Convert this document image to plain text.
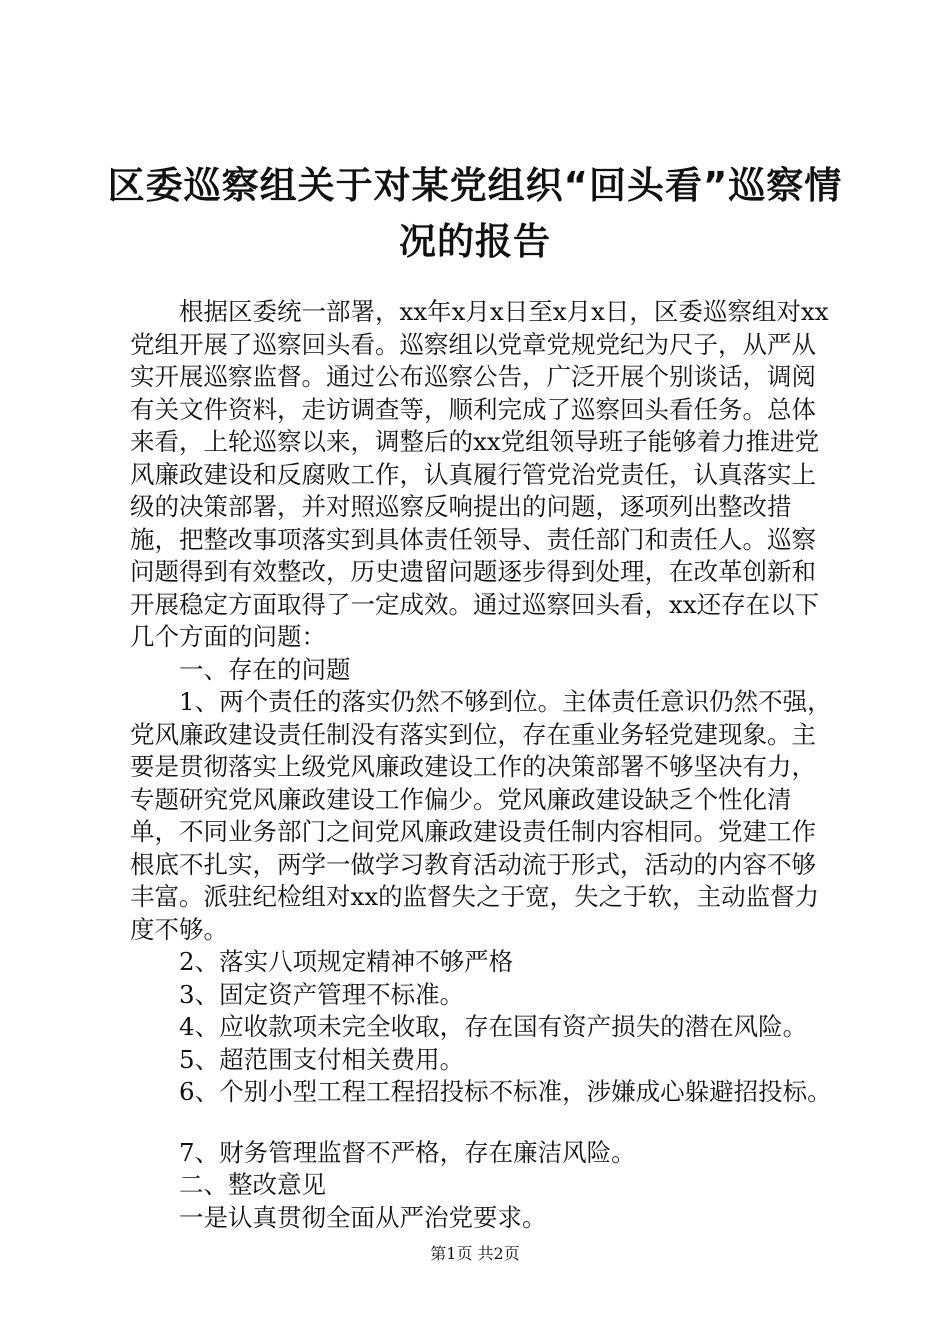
区委巡察组关于对某党组织“回头看”巡察情况的报告

根据区委统一部署，xx年x月x日至x月x日，区委巡察组对xx党组开展了巡察回头看。巡察组以党章党规党纪为尺子，从严从实开展巡察监督。通过公布巡察公告，广泛开展个别谈话，调阅有关文件资料，走访调查等，顺利完成了巡察回头看任务。总体来看，上轮巡察以来，调整后的xx党组领导班子能够着力推进党风廉政建设和反腐败工作，认真履行管党治党责任，认真落实上级的决策部署，并对照巡察反响提出的问题，逐项列出整改措施，把整改事项落实到具体责任领导、责任部门和责任人。巡察问题得到有效整改，历史遗留问题逐步得到处理，在改革创新和开展稳定方面取得了一定成效。通过巡察回头看，xx还存在以下几个方面的问题：

一、存在的问题

1、两个责任的落实仍然不够到位。主体责任意识仍然不强，党风廉政建设责任制没有落实到位，存在重业务轻党建现象。主要是贯彻落实上级党风廉政建设工作的决策部署不够坚决有力，专题研究党风廉政建设工作偏少。党风廉政建设缺乏个性化清单，不同业务部门之间党风廉政建设责任制内容相同。党建工作根底不扎实，两学一做学习教育活动流于形式，活动的内容不够丰富。派驻纪检组对xx的监督失之于宽，失之于软，主动监督力度不够。

2、落实八项规定精神不够严格

3、固定资产管理不标准。

4、应收款项未完全收取，存在国有资产损失的潜在风险。

5、超范围支付相关费用。

6、个别小型工程工程招投标不标准，涉嫌成心躲避招投标。

7、财务管理监督不严格，存在廉洁风险。

二、整改意见

一是认真贯彻全面从严治党要求。

第1页 共2页
